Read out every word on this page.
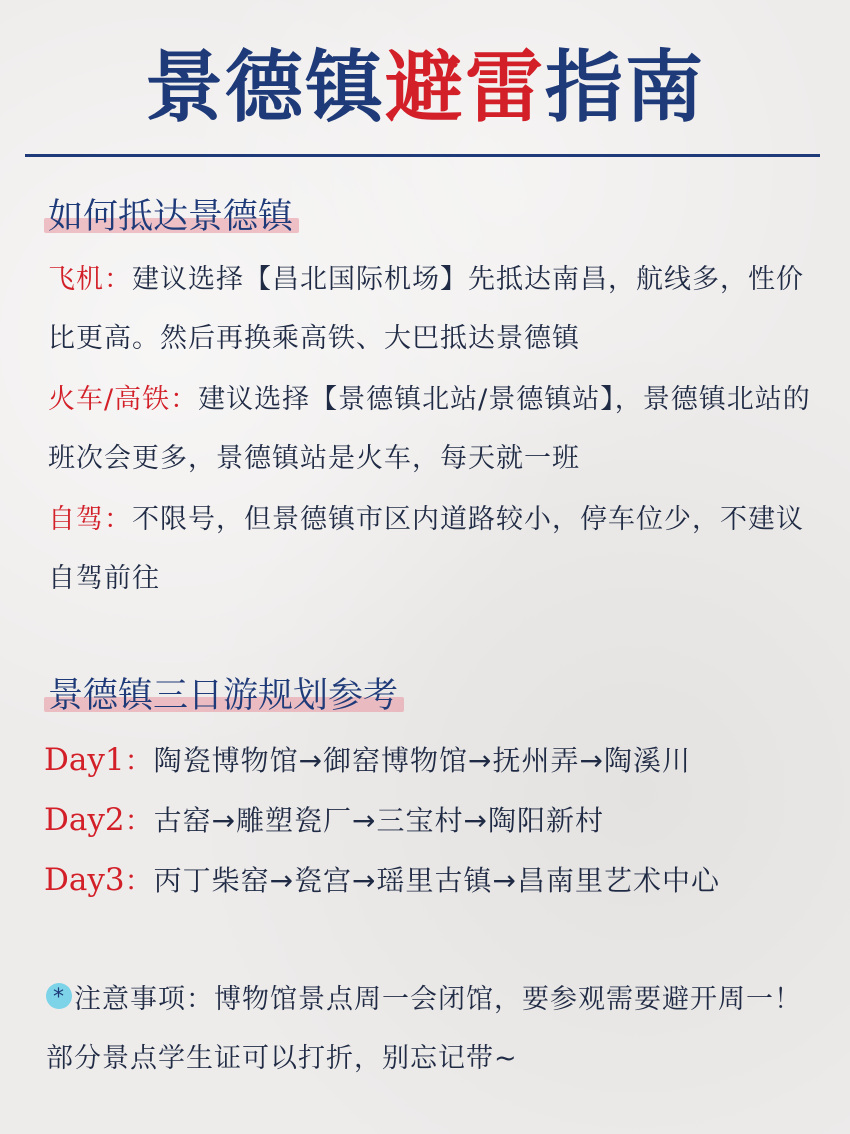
景德镇避雷指南
如何抵达景德镇
飞机：建议选择【昌北国际机场】先抵达南昌，航线多，性价比更高。然后再换乘高铁、大巴抵达景德镇
火车/高铁：建议选择【景德镇北站/景德镇站】，景德镇北站的班次会更多，景德镇站是火车，每天就一班
自驾：不限号，但景德镇市区内道路较小，停车位少，不建议自驾前往
景德镇三日游规划参考
Day1：陶瓷博物馆→御窑博物馆→抚州弄→陶溪川
Day2：古窑→雕塑瓷厂→三宝村→陶阳新村
Day3：丙丁柴窑→瓷宫→瑶里古镇→昌南里艺术中心
* 注意事项：博物馆景点周一会闭馆，要参观需要避开周一！部分景点学生证可以打折，别忘记带~
